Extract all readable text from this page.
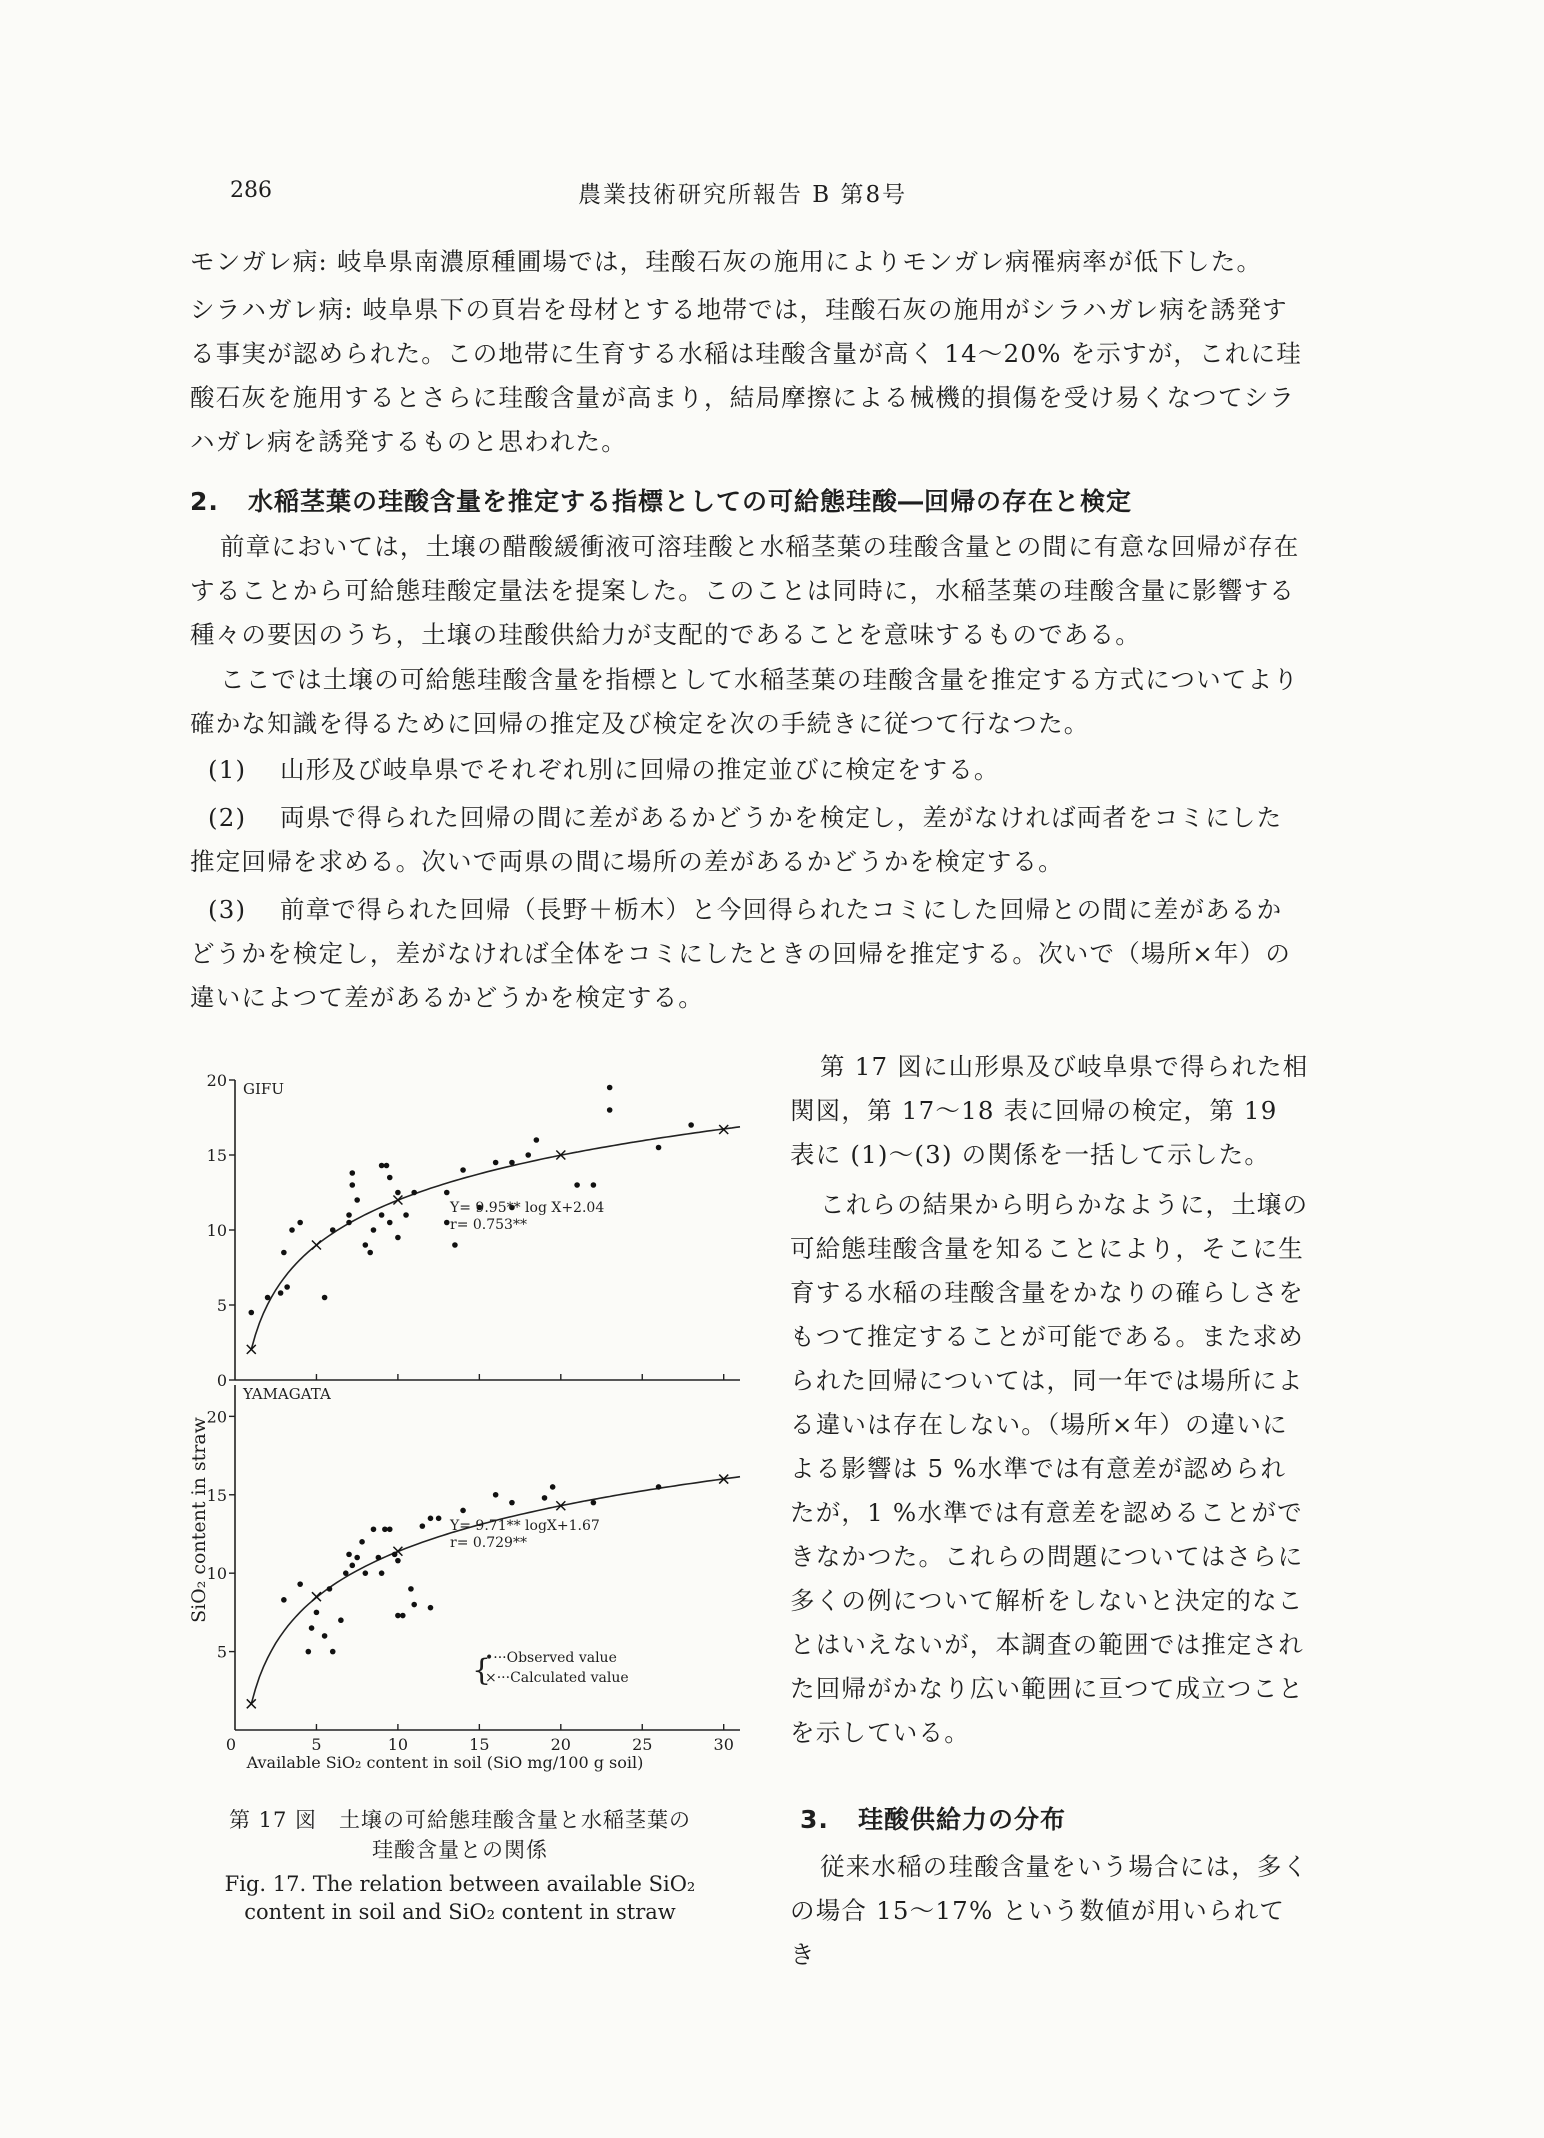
286	農業技術研究所報告 B 第8号
モンガレ病: 岐阜県南濃原種圃場では，珪酸石灰の施用によりモンガレ病罹病率が低下した。
シラハガレ病: 岐阜県下の頁岩を母材とする地帯では，珪酸石灰の施用がシラハガレ病を誘発する事実が認められた。この地帯に生育する水稲は珪酸含量が高く 14〜20% を示すが，これに珪酸石灰を施用するとさらに珪酸含量が高まり，結局摩擦による械機的損傷を受け易くなつてシラハガレ病を誘発するものと思われた。
2. 水稲茎葉の珪酸含量を推定する指標としての可給態珪酸―回帰の存在と検定
前章においては，土壌の醋酸緩衝液可溶珪酸と水稲茎葉の珪酸含量との間に有意な回帰が存在することから可給態珪酸定量法を提案した。このことは同時に，水稲茎葉の珪酸含量に影響する種々の要因のうち，土壌の珪酸供給力が支配的であることを意味するものである。
ここでは土壌の可給態珪酸含量を指標として水稲茎葉の珪酸含量を推定する方式についてより確かな知識を得るために回帰の推定及び検定を次の手続きに従つて行なつた。
(1) 山形及び岐阜県でそれぞれ別に回帰の推定並びに検定をする。
(2) 両県で得られた回帰の間に差があるかどうかを検定し，差がなければ両者をコミにした推定回帰を求める。次いで両県の間に場所の差があるかどうかを検定する。
(3) 前章で得られた回帰（長野＋栃木）と今回得られたコミにした回帰との間に差があるかどうかを検定し，差がなければ全体をコミにしたときの回帰を推定する。次いで（場所×年）の違いによつて差があるかどうかを検定する。
GIFU
0
5
10
15
20
Y= 9.95** log X+2.04
r= 0.753**
YAMAGATA
5
10
15
20
5	10	15	20	25	30
0
Y= 9.71** logX+1.67
r= 0.729**
{
•···Observed value
×···Calculated value
SiO₂ content in straw
Available SiO₂ content in soil (SiO mg/100 g soil)
第 17 図　土壌の可給態珪酸含量と水稲茎葉の
珪酸含量との関係
Fig. 17. The relation between available SiO₂
content in soil and SiO₂ content in straw
第 17 図に山形県及び岐阜県で得られた相関図，第 17〜18 表に回帰の検定，第 19 表に (1)〜(3) の関係を一括して示した。
これらの結果から明らかなように，土壌の可給態珪酸含量を知ることにより，そこに生育する水稲の珪酸含量をかなりの確らしさをもつて推定することが可能である。また求められた回帰については，同一年では場所による違いは存在しない。（場所×年）の違いによる影響は 5 %水準では有意差が認められたが，1 %水準では有意差を認めることができなかつた。これらの問題についてはさらに多くの例について解析をしないと決定的なことはいえないが，本調査の範囲では推定された回帰がかなり広い範囲に亘つて成立つことを示している。
3. 珪酸供給力の分布
従来水稲の珪酸含量をいう場合には，多くの場合 15〜17% という数値が用いられてき
